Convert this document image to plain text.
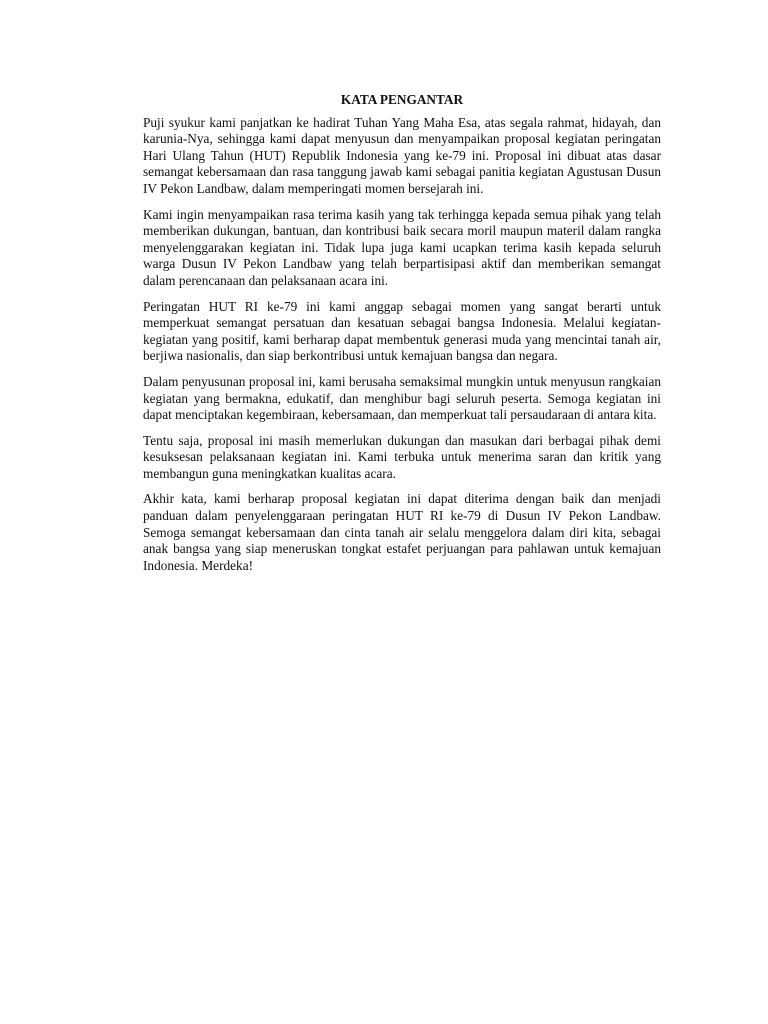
KATA PENGANTAR

Puji syukur kami panjatkan ke hadirat Tuhan Yang Maha Esa, atas segala rahmat, hidayah, dan karunia-Nya, sehingga kami dapat menyusun dan menyampaikan proposal kegiatan peringatan Hari Ulang Tahun (HUT) Republik Indonesia yang ke-79 ini. Proposal ini dibuat atas dasar semangat kebersamaan dan rasa tanggung jawab kami sebagai panitia kegiatan Agustusan Dusun IV Pekon Landbaw, dalam memperingati momen bersejarah ini.

Kami ingin menyampaikan rasa terima kasih yang tak terhingga kepada semua pihak yang telah memberikan dukungan, bantuan, dan kontribusi baik secara moril maupun materil dalam rangka menyelenggarakan kegiatan ini. Tidak lupa juga kami ucapkan terima kasih kepada seluruh warga Dusun IV Pekon Landbaw yang telah berpartisipasi aktif dan memberikan semangat dalam perencanaan dan pelaksanaan acara ini.

Peringatan HUT RI ke-79 ini kami anggap sebagai momen yang sangat berarti untuk memperkuat semangat persatuan dan kesatuan sebagai bangsa Indonesia. Melalui kegiatan-kegiatan yang positif, kami berharap dapat membentuk generasi muda yang mencintai tanah air, berjiwa nasionalis, dan siap berkontribusi untuk kemajuan bangsa dan negara.

Dalam penyusunan proposal ini, kami berusaha semaksimal mungkin untuk menyusun rangkaian kegiatan yang bermakna, edukatif, dan menghibur bagi seluruh peserta. Semoga kegiatan ini dapat menciptakan kegembiraan, kebersamaan, dan memperkuat tali persaudaraan di antara kita.

Tentu saja, proposal ini masih memerlukan dukungan dan masukan dari berbagai pihak demi kesuksesan pelaksanaan kegiatan ini. Kami terbuka untuk menerima saran dan kritik yang membangun guna meningkatkan kualitas acara.

Akhir kata, kami berharap proposal kegiatan ini dapat diterima dengan baik dan menjadi panduan dalam penyelenggaraan peringatan HUT RI ke-79 di Dusun IV Pekon Landbaw. Semoga semangat kebersamaan dan cinta tanah air selalu menggelora dalam diri kita, sebagai anak bangsa yang siap meneruskan tongkat estafet perjuangan para pahlawan untuk kemajuan Indonesia. Merdeka!
